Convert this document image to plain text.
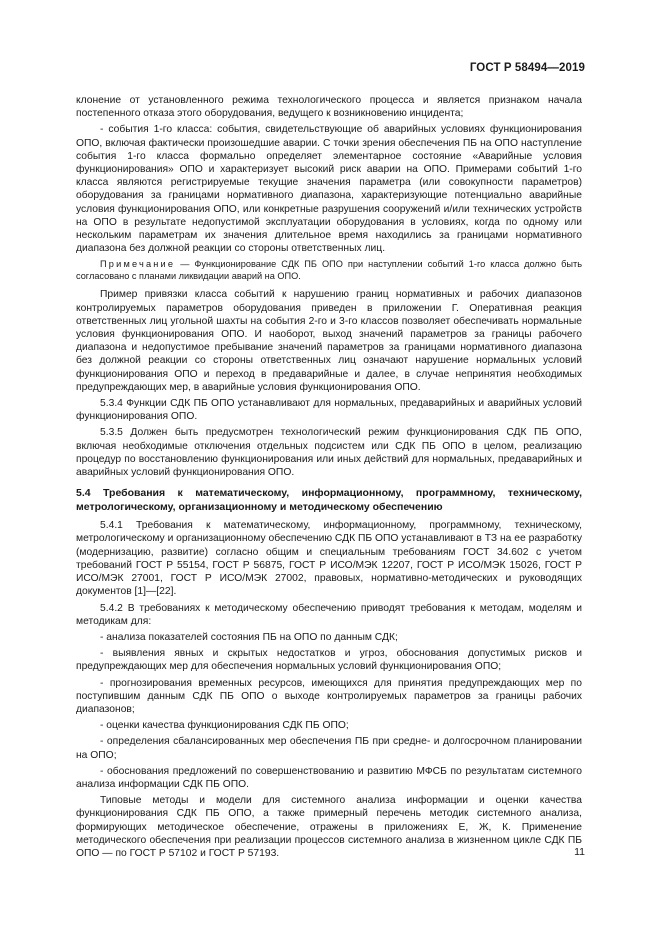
ГОСТ Р 58494—2019

клонение от установленного режима технологического процесса и является признаком начала постепенного отказа этого оборудования, ведущего к возникновению инцидента;

- события 1-го класса: события, свидетельствующие об аварийных условиях функционирования ОПО, включая фактически произошедшие аварии. С точки зрения обеспечения ПБ на ОПО наступление события 1-го класса формально определяет элементарное состояние «Аварийные условия функционирования» ОПО и характеризует высокий риск аварии на ОПО. Примерами событий 1-го класса являются регистрируемые текущие значения параметра (или совокупности параметров) оборудования за границами нормативного диапазона, характеризующие потенциально аварийные условия функционирования ОПО, или конкретные разрушения сооружений и/или технических устройств на ОПО в результате недопустимой эксплуатации оборудования в условиях, когда по одному или нескольким параметрам их значения длительное время находились за границами нормативного диапазона без должной реакции со стороны ответственных лиц.

Примечание — Функционирование СДК ПБ ОПО при наступлении событий 1-го класса должно быть согласовано с планами ликвидации аварий на ОПО.

Пример привязки класса событий к нарушению границ нормативных и рабочих диапазонов контролируемых параметров оборудования приведен в приложении Г. Оперативная реакция ответственных лиц угольной шахты на события 2-го и 3-го классов позволяет обеспечивать нормальные условия функционирования ОПО. И наоборот, выход значений параметров за границы рабочего диапазона и недопустимое пребывание значений параметров за границами нормативного диапазона без должной реакции со стороны ответственных лиц означают нарушение нормальных условий функционирования ОПО и переход в предаварийные и далее, в случае непринятия необходимых предупреждающих мер, в аварийные условия функционирования ОПО.

5.3.4 Функции СДК ПБ ОПО устанавливают для нормальных, предаварийных и аварийных условий функционирования ОПО.

5.3.5 Должен быть предусмотрен технологический режим функционирования СДК ПБ ОПО, включая необходимые отключения отдельных подсистем или СДК ПБ ОПО в целом, реализацию процедур по восстановлению функционирования или иных действий для нормальных, предаварийных и аварийных условий функционирования ОПО.

5.4 Требования к математическому, информационному, программному, техническому, метрологическому, организационному и методическому обеспечению

5.4.1 Требования к математическому, информационному, программному, техническому, метрологическому и организационному обеспечению СДК ПБ ОПО устанавливают в ТЗ на ее разработку (модернизацию, развитие) согласно общим и специальным требованиям ГОСТ 34.602 с учетом требований ГОСТ Р 55154, ГОСТ Р 56875, ГОСТ Р ИСО/МЭК 12207, ГОСТ Р ИСО/МЭК 15026, ГОСТ Р ИСО/МЭК 27001, ГОСТ Р ИСО/МЭК 27002, правовых, нормативно-методических и руководящих документов [1]—[22].

5.4.2 В требованиях к методическому обеспечению приводят требования к методам, моделям и методикам для:

- анализа показателей состояния ПБ на ОПО по данным СДК;

- выявления явных и скрытых недостатков и угроз, обоснования допустимых рисков и предупреждающих мер для обеспечения нормальных условий функционирования ОПО;

- прогнозирования временных ресурсов, имеющихся для принятия предупреждающих мер по поступившим данным СДК ПБ ОПО о выходе контролируемых параметров за границы рабочих диапазонов;

- оценки качества функционирования СДК ПБ ОПО;

- определения сбалансированных мер обеспечения ПБ при средне- и долгосрочном планировании на ОПО;

- обоснования предложений по совершенствованию и развитию МФСБ по результатам системного анализа информации СДК ПБ ОПО.

Типовые методы и модели для системного анализа информации и оценки качества функционирования СДК ПБ ОПО, а также примерный перечень методик системного анализа, формирующих методическое обеспечение, отражены в приложениях Е, Ж, К. Применение методического обеспечения при реализации процессов системного анализа в жизненном цикле СДК ПБ ОПО — по ГОСТ Р 57102 и ГОСТ Р 57193.	11
